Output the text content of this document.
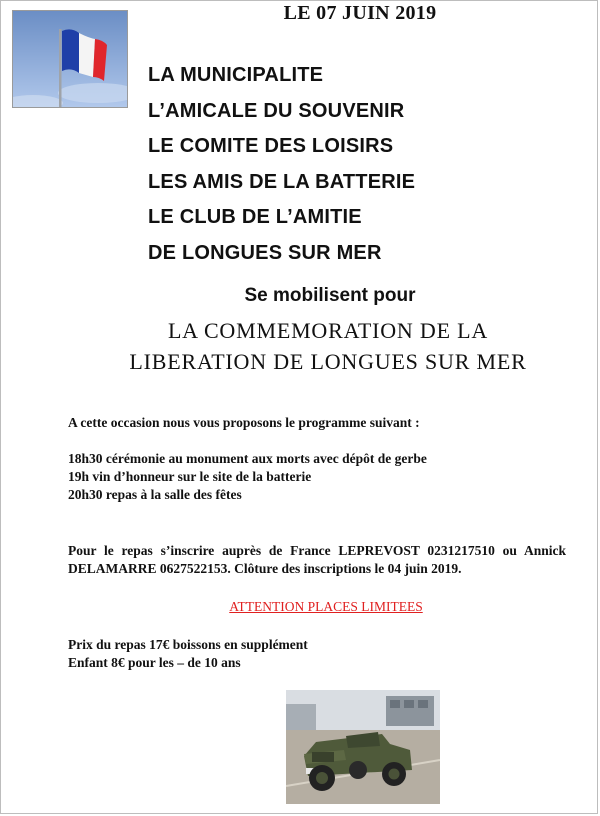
LE 07 JUIN 2019
LA MUNICIPALITE
L’AMICALE DU SOUVENIR
LE COMITE DES LOISIRS
LES AMIS DE LA BATTERIE
LE CLUB DE L’AMITIE
DE LONGUES SUR MER
Se mobilisent pour
LA COMMEMORATION DE LA
LIBERATION DE LONGUES SUR MER
A cette occasion nous vous proposons le programme suivant :
18h30 cérémonie au monument aux morts avec dépôt de gerbe
19h vin d’honneur sur le site de la batterie
20h30 repas à la salle des fêtes
Pour le repas s’inscrire auprès de France LEPREVOST 0231217510 ou Annick DELAMARRE 0627522153. Clôture des inscriptions le 04 juin 2019.
ATTENTION PLACES LIMITEES
Prix du repas 17€ boissons en supplément
Enfant 8€ pour les – de 10 ans
